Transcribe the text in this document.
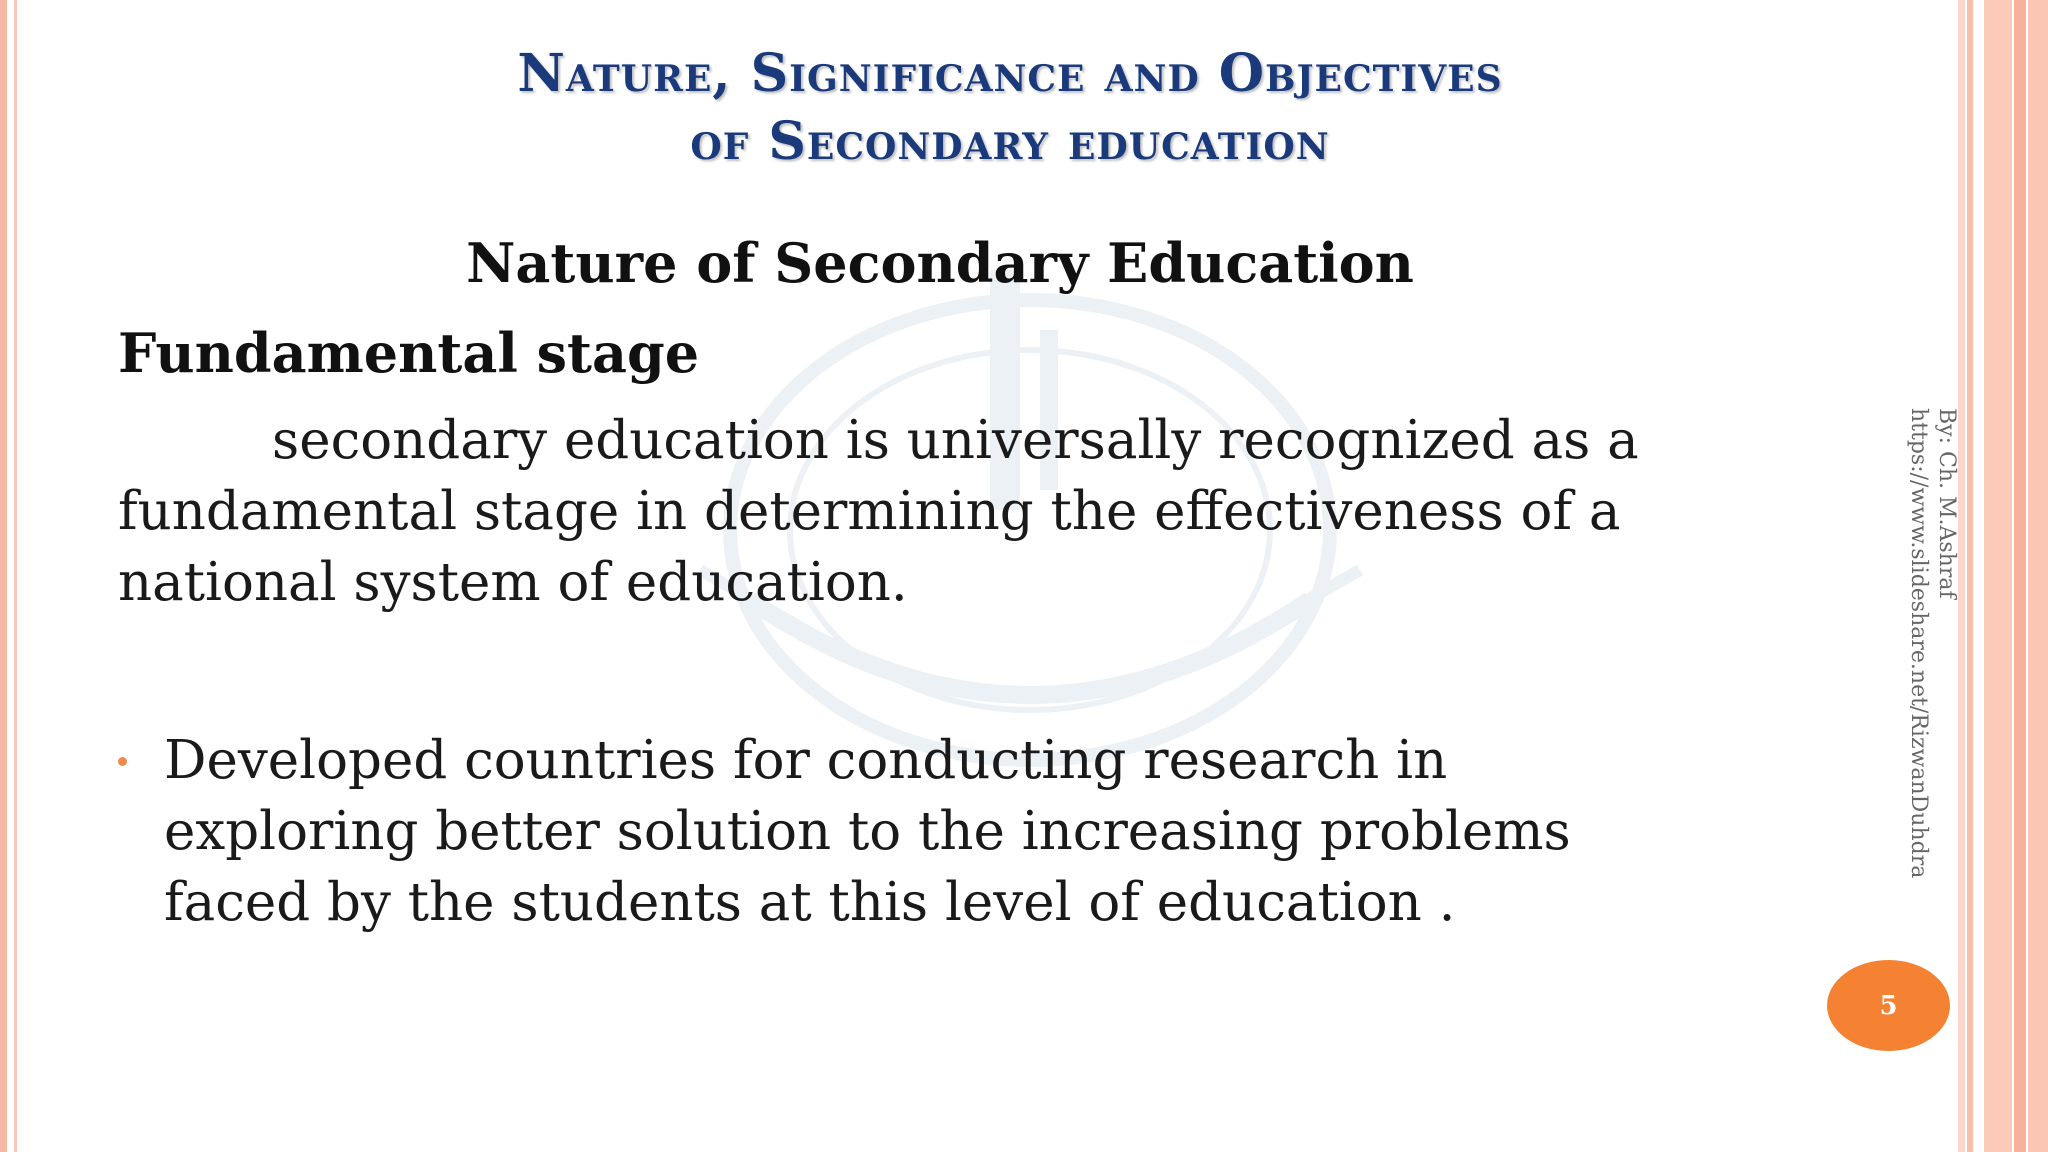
Nature, Significance and Objectives
of Secondary education
Nature of Secondary Education
Fundamental stage
secondary education is universally recognized as a fundamental stage in determining the effectiveness of a national system of education.
Developed countries for conducting research in exploring better solution to the increasing problems faced by the students at this level of education .
By: Ch. M.Ashraf
https://www.slideshare.net/RizwanDuhdra
5
